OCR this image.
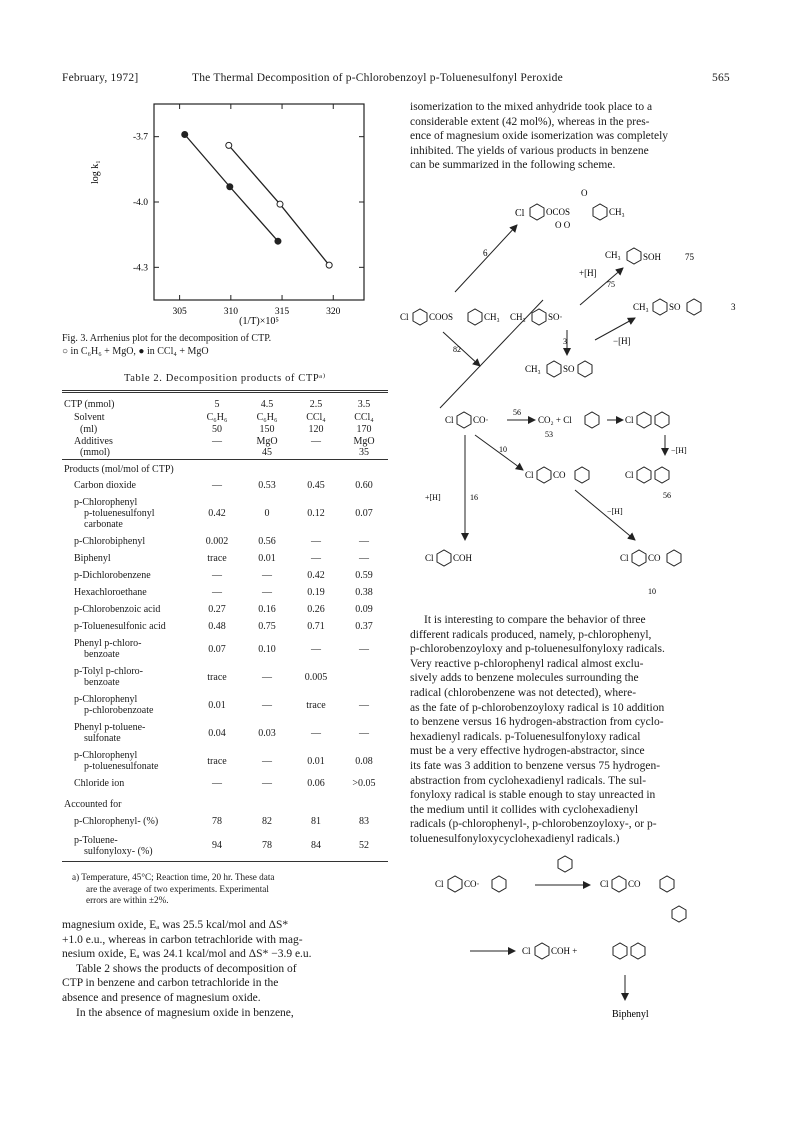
February, 1972]	The Thermal Decomposition of p-Chlorobenzoyl p-Toluenesulfonyl Peroxide	565
305	310	315	320
-3.7
-4.0
-4.3
log k₁
(1/T)×10⁵
Fig. 3. Arrhenius plot for the decomposition of CTP.
○ in C₆H₆ + MgO, ● in CCl₄ + MgO
Table 2. Decomposition products of CTPᵃ⁾
CTP (mmol)	5	4.5	2.5	3.5
Solvent	C₆H₆	C₆H₆	CCl₄	CCl₄
(ml)	50	150	120	170
Additives	—	MgO	—	MgO
(mmol)		45		35
Products (mol/mol of CTP)				
Carbon dioxide	—	0.53	0.45	0.60

p-Chlorophenyl
p-toluenesulfonyl
carbonate	0.42	0	0.12	0.07
p-Chlorobiphenyl	0.002	0.56	—	—
Biphenyl	trace	0.01	—	—
p-Dichlorobenzene	—	—	0.42	0.59
Hexachloroethane	—	—	0.19	0.38
p-Chlorobenzoic acid	0.27	0.16	0.26	0.09
p-Toluenesulfonic acid	0.48	0.75	0.71	0.37

Phenyl p-chloro-
benzoate	0.07	0.10	—	—

p-Tolyl p-chloro-
benzoate	trace	—	0.005	

p-Chlorophenyl
p-chlorobenzoate	0.01	—	trace	—

Phenyl p-toluene-
sulfonate	0.04	0.03	—	—

p-Chlorophenyl
p-toluenesulfonate	trace	—	0.01	0.08
Chloride ion	—	—	0.06	>0.05
Accounted for				
p-Chlorophenyl- (%)	78	82	81	83

p-Toluene-
sulfonyloxy- (%)	94	78	84	52
a) Temperature, 45°C; Reaction time, 20 hr. These data
are the average of two experiments. Experimental
errors are within ±2%.

magnesium oxide, Eₐ was 25.5 kcal/mol and ΔS*

+1.0 e.u., whereas in carbon tetrachloride with mag-

nesium oxide, Eₐ was 24.1 kcal/mol and ΔS* −3.9 e.u.

Table 2 shows the products of decomposition of

CTP in benzene and carbon tetrachloride in the

absence and presence of magnesium oxide.

In the absence of magnesium oxide in benzene,

isomerization to the mixed anhydride took place to a

considerable extent (42 mol%), whereas in the pres-

ence of magnesium oxide isomerization was completely

inhibited. The yields of various products in benzene

can be summarized in the following scheme.

Cl OCOS
O
CH₃
O O
6
Cl COOS	CH₃ CH₃ SO·
CH₃ SO	3
CH₃ SOH	75
+[H]
75
−[H]
82
3
CH₃ SO
Cl CO·
56
CO₂ + Cl
53
Cl
−[H]
10
Cl CO	Cl
56
−[H]
+[H]	16
Cl COH	Cl CO
10

It is interesting to compare the behavior of three

different radicals produced, namely, p-chlorophenyl,

p-chlorobenzoyloxy and p-toluenesulfonyloxy radicals.

Very reactive p-chlorophenyl radical almost exclu-

sively adds to benzene molecules surrounding the

radical (chlorobenzene was not detected), where-

as the fate of p-chlorobenzoyloxy radical is 10 addition

to benzene versus 16 hydrogen-abstraction from cyclo-

hexadienyl radicals. p-Toluenesulfonyloxy radical

must be a very effective hydrogen-abstractor, since

its fate was 3 addition to benzene versus 75 hydrogen-

abstraction from cyclohexadienyl radicals. The sul-

fonyloxy radical is stable enough to stay unreacted in

the medium until it collides with cyclohexadienyl

radicals (p-chlorophenyl-, p-chlorobenzoyloxy-, or p-

toluenesulfonyloxycyclohexadienyl radicals.)

Cl CO·	Cl CO
Cl COH +
Biphenyl
